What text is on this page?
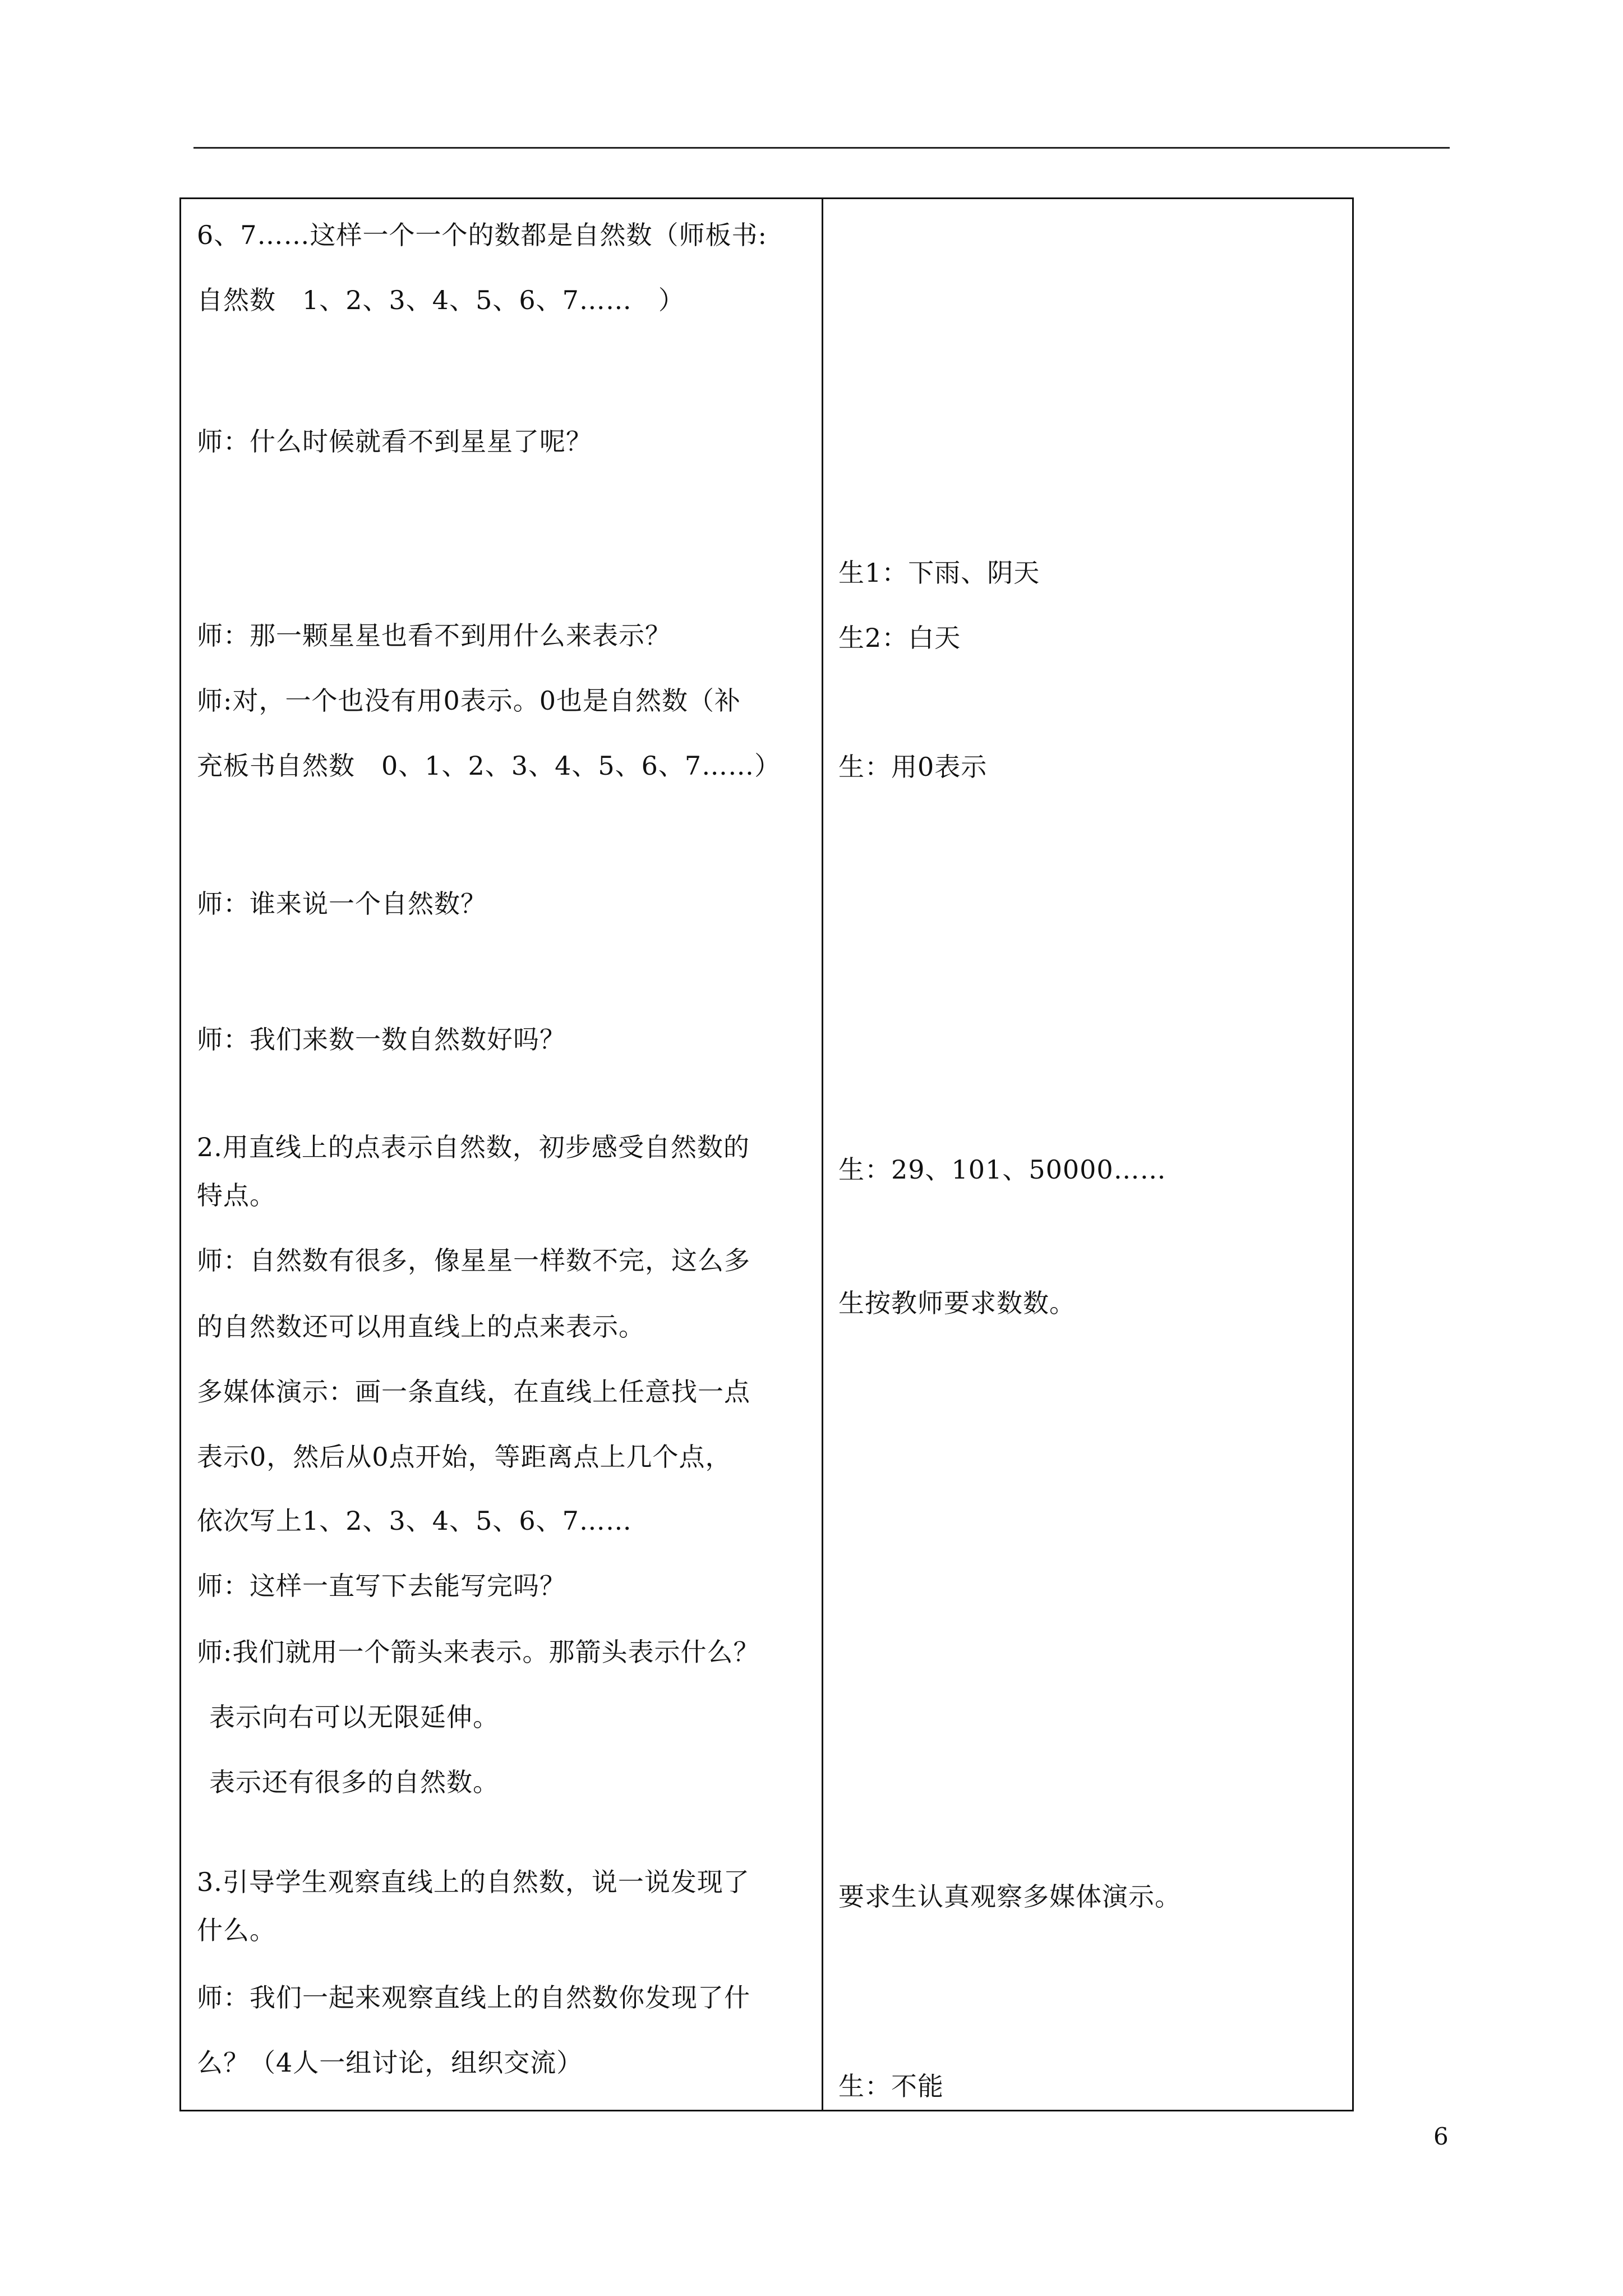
6、7……这样一个一个的数都是自然数（师板书:

自然数　1、2、3、4、5、6、7……　）

师：什么时候就看不到星星了呢？

师：那一颗星星也看不到用什么来表示？

师:对，一个也没有用0表示。0也是自然数（补

充板书自然数　0、1、2、3、4、5、6、7……）

师：谁来说一个自然数？

师：我们来数一数自然数好吗？

2.用直线上的点表示自然数，初步感受自然数的

特点。

师：自然数有很多，像星星一样数不完，这么多

的自然数还可以用直线上的点来表示。

多媒体演示：画一条直线，在直线上任意找一点

表示0，然后从0点开始，等距离点上几个点，

依次写上1、2、3、4、5、6、7……

师：这样一直写下去能写完吗？

师:我们就用一个箭头来表示。那箭头表示什么？

表示向右可以无限延伸。

表示还有很多的自然数。

3.引导学生观察直线上的自然数，说一说发现了

什么。

师：我们一起来观察直线上的自然数你发现了什

么？（4人一组讨论，组织交流）

生1：下雨、阴天

生2：白天

生：用0表示

生：29、101、50000……

生按教师要求数数。

要求生认真观察多媒体演示。

生：不能

6
